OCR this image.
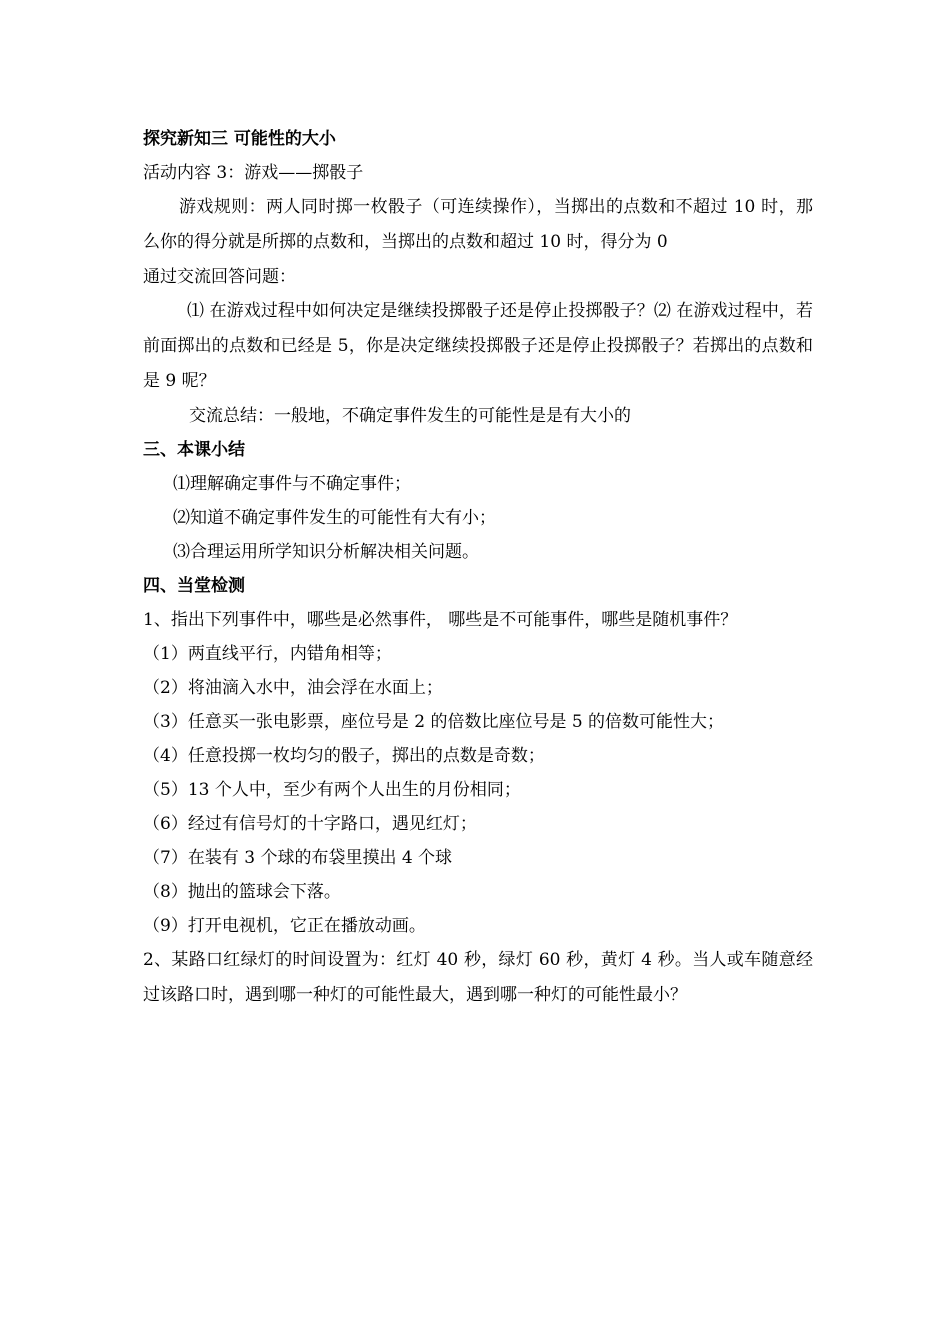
探究新知三 可能性的大小
活动内容 3：游戏——掷骰子
游戏规则：两人同时掷一枚骰子（可连续操作），当掷出的点数和不超过 10 时，那么你的得分就是所掷的点数和，当掷出的点数和超过 10 时，得分为 0
通过交流回答问题：
⑴ 在游戏过程中如何决定是继续投掷骰子还是停止投掷骰子？⑵ 在游戏过程中，若前面掷出的点数和已经是 5，你是决定继续投掷骰子还是停止投掷骰子？若掷出的点数和是 9 呢？
交流总结：一般地，不确定事件发生的可能性是是有大小的
三、本课小结
⑴理解确定事件与不确定事件；
⑵知道不确定事件发生的可能性有大有小；
⑶合理运用所学知识分析解决相关问题。
四、当堂检测
1、指出下列事件中，哪些是必然事件， 哪些是不可能事件，哪些是随机事件？
（1）两直线平行，内错角相等；
（2）将油滴入水中，油会浮在水面上；
（3）任意买一张电影票，座位号是 2 的倍数比座位号是 5 的倍数可能性大；
（4）任意投掷一枚均匀的骰子，掷出的点数是奇数；
（5）13 个人中，至少有两个人出生的月份相同；
（6）经过有信号灯的十字路口，遇见红灯；
（7）在装有 3 个球的布袋里摸出 4 个球
（8）抛出的篮球会下落。
（9）打开电视机，它正在播放动画。
2、某路口红绿灯的时间设置为：红灯 40 秒，绿灯 60 秒，黄灯 4 秒。当人或车随意经过该路口时，遇到哪一种灯的可能性最大，遇到哪一种灯的可能性最小？
